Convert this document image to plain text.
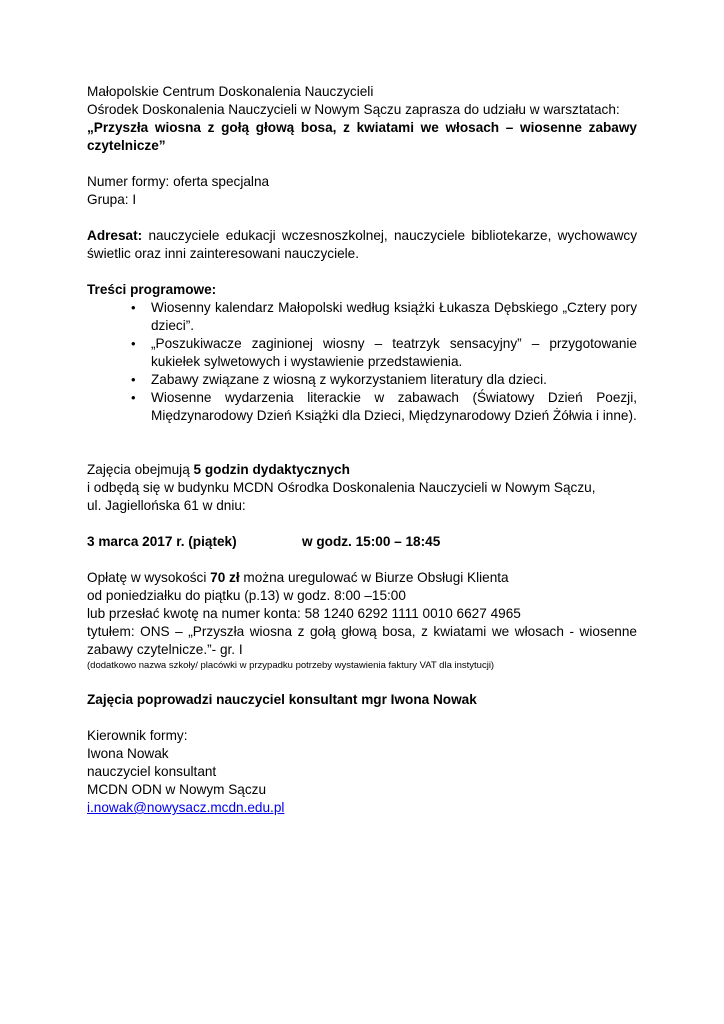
Małopolskie Centrum Doskonalenia Nauczycieli
Ośrodek Doskonalenia Nauczycieli w Nowym Sączu zaprasza do udziału w warsztatach:
„Przyszła wiosna z gołą głową bosa, z kwiatami we włosach – wiosenne zabawy czytelnicze”
Numer formy: oferta specjalna
Grupa: I
Adresat: nauczyciele edukacji wczesnoszkolnej, nauczyciele bibliotekarze, wychowawcy świetlic oraz inni zainteresowani nauczyciele.
Treści programowe:
• Wiosenny kalendarz Małopolski według książki Łukasza Dębskiego „Cztery pory dzieci”.
• „Poszukiwacze zaginionej wiosny – teatrzyk sensacyjny” – przygotowanie kukiełek sylwetowych i wystawienie przedstawienia.
• Zabawy związane z wiosną z wykorzystaniem literatury dla dzieci.
• Wiosenne wydarzenia literackie w zabawach (Światowy Dzień Poezji, Międzynarodowy Dzień Książki dla Dzieci, Międzynarodowy Dzień Żółwia i inne).
Zajęcia obejmują 5 godzin dydaktycznych
i odbędą się w budynku MCDN Ośrodka Doskonalenia Nauczycieli w Nowym Sączu,
ul. Jagiellońska 61 w dniu:
3 marca 2017 r. (piątek)	w godz. 15:00 – 18:45
Opłatę w wysokości 70 zł można uregulować w Biurze Obsługi Klienta
od poniedziałku do piątku (p.13) w godz. 8:00 –15:00
lub przesłać kwotę na numer konta: 58 1240 6292 1111 0010 6627 4965
tytułem: ONS – „Przyszła wiosna z gołą głową bosa, z kwiatami we włosach - wiosenne zabawy czytelnicze.”- gr. I
(dodatkowo nazwa szkoły/ placówki w przypadku potrzeby wystawienia faktury VAT dla instytucji)
Zajęcia poprowadzi nauczyciel konsultant mgr Iwona Nowak
Kierownik formy:
Iwona Nowak
nauczyciel konsultant
MCDN ODN w Nowym Sączu
i.nowak@nowysacz.mcdn.edu.pl
